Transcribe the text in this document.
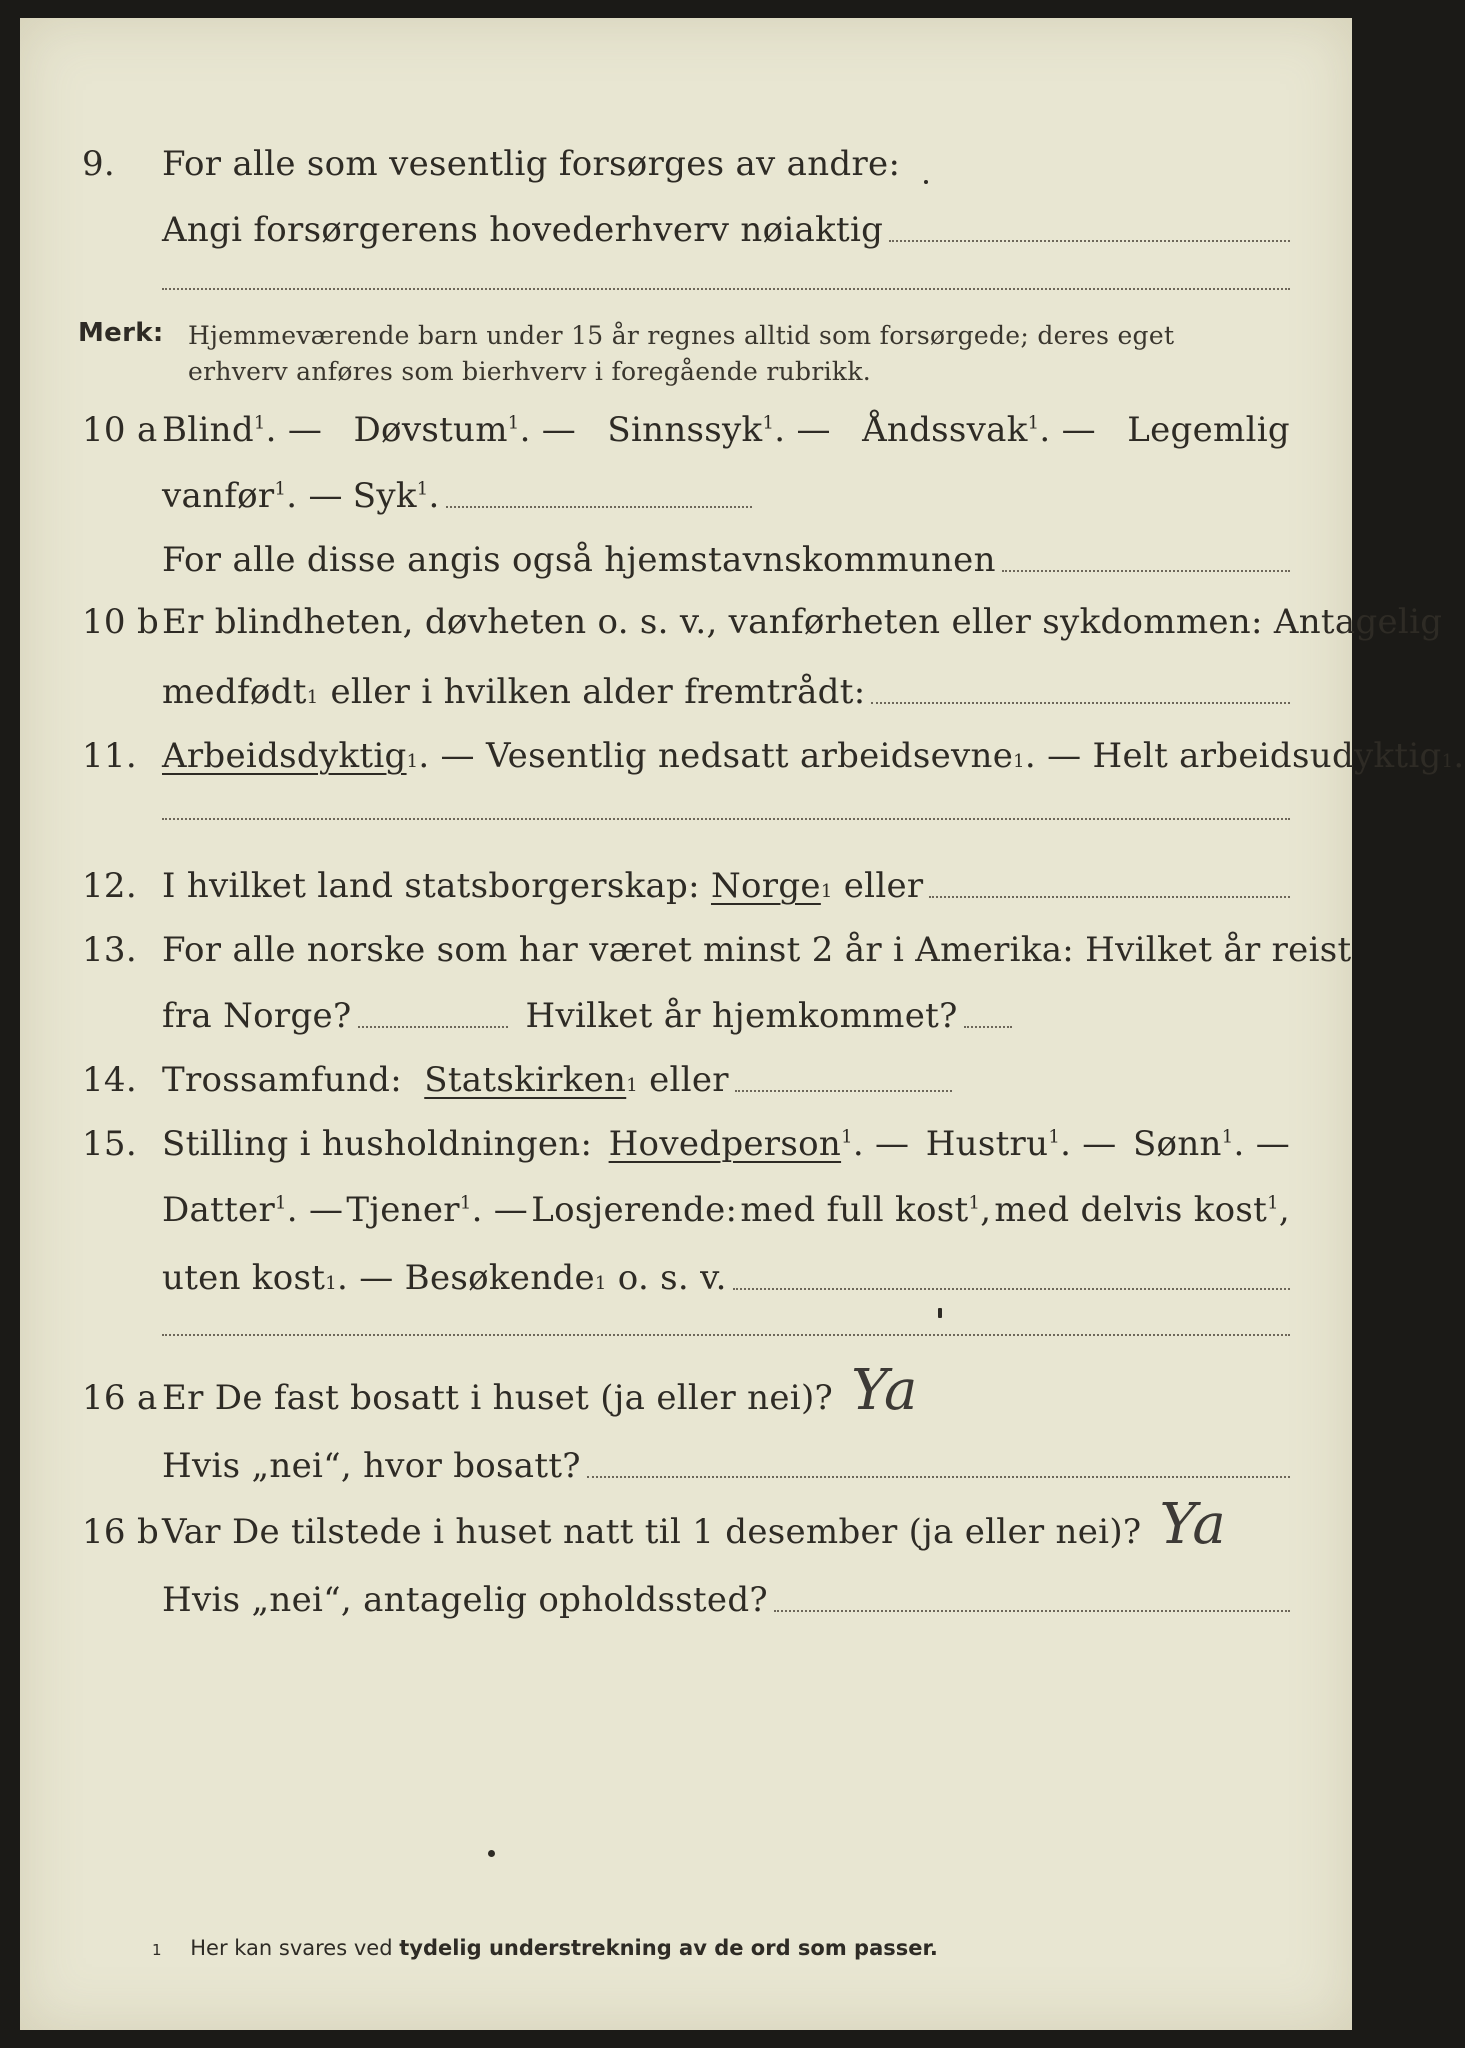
9. For alle som vesentlig forsørges av andre:
Angi forsørgerens hovederhverv nøiaktig
Merk: Hjemmeværende barn under 15 år regnes alltid som forsørgede; deres eget erhverv anføres som bierhverv i foregående rubrikk.
10 a Blind$^1$. — Døvstum$^1$. — Sinnssyk$^1$. — Åndssvak$^1$. — Legemlig
vanfør$^1$. — Syk$^1$.
For alle disse angis også hjemstavnskommunen
10 b Er blindheten, døvheten o. s. v., vanførheten eller sykdommen: Antagelig
medfødt 1 eller i hvilken alder fremtrådt:
11. Arbeidsdyktig 1 . — Vesentlig nedsatt arbeidsevne 1 . — Helt arbeidsudyktig 1 .
12. I hvilket land statsborgerskap:
Norge 1
eller
13. For alle norske som har været minst 2 år i Amerika: Hvilket år reist
fra Norge?	Hvilket år hjemkommet?
14. Trossamfund:
Statskirken 1
eller
15. Stilling i husholdningen: Hovedperson$^1$. — Hustru$^1$. — Sønn$^1$. —
Datter$^1$. — Tjener$^1$. — Losjerende: med full kost$^1$, med delvis kost$^1$,
uten kost 1 . — Besøkende 1
o. s. v.
16 a Er De fast bosatt i huset (ja eller nei)? Ya
Hvis „nei“, hvor bosatt?
16 b Var De tilstede i huset natt til 1 desember (ja eller nei)? Ya
Hvis „nei“, antagelig opholdssted?
1 Her kan svares ved tydelig understrekning av de ord som passer.
